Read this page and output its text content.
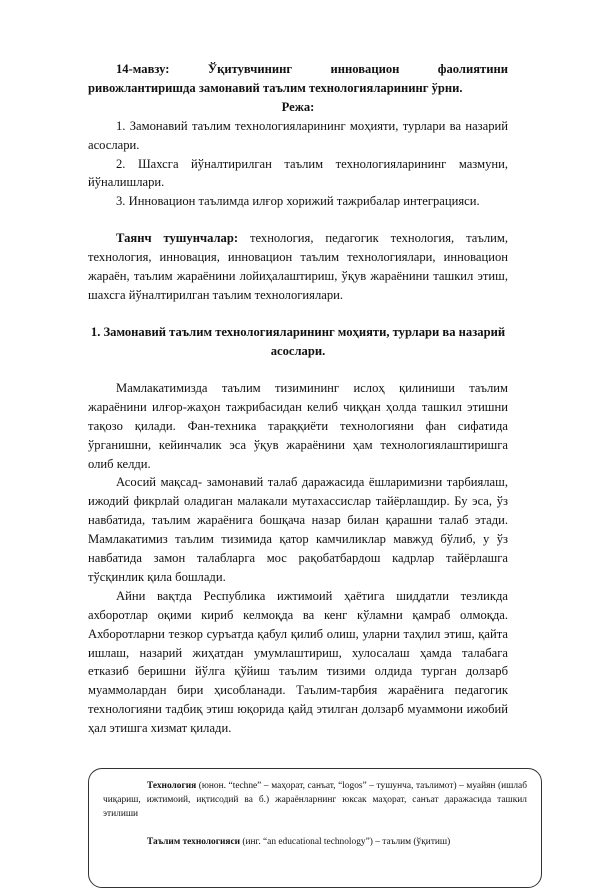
14-мавзу:	Ўқитувчининг	инновацион	фаолиятини

ривожлантиришда замонавий таълим технологияларининг ўрни.

Режа:

1. Замонавий таълим технологияларининг моҳияти, турлари ва назарий

асослари.

2. Шахсга йўналтирилган таълим технологияларининг мазмуни,

йўналишлари.

3. Инновацион таълимда илғор хорижий тажрибалар интеграцияси.

Таянч тушунчалар: технология, педагогик технология, таълим, технология, инновация, инновацион таълим технологиялари, инновацион жараён, таълим жараёнини лойиҳалаштириш, ўқув жараёнини ташкил этиш, шахсга йўналтирилган таълим технологиялари.

1. Замонавий таълим технологияларининг моҳияти, турлари ва назарий
асослари.

Мамлакатимизда таълим тизимининг ислоҳ қилиниши таълим жараёнини илғор-жаҳон тажрибасидан келиб чиққан ҳолда ташкил этишни тақозо қилади. Фан-техника тараққиёти технологияни фан сифатида ўрганишни, кейинчалик эса ўқув жараёнини ҳам технологиялаштиришга олиб келди.

Асосий мақсад- замонавий талаб даражасида ёшларимизни тарбиялаш, ижодий фикрлай оладиган малакали мутахассислар тайёрлашдир. Бу эса, ўз навбатида, таълим жараёнига бошқача назар билан қарашни талаб этади. Мамлакатимиз таълим тизимида қатор камчиликлар мавжуд бўлиб, у ўз навбатида замон талабларга мос рақобатбардош кадрлар тайёрлашга тўсқинлик қила бошлади.

Айни вақтда Республика ижтимоий ҳаётига шиддатли тезликда ахборотлар оқими кириб келмоқда ва кенг кўламни қамраб олмоқда. Ахборотларни тезкор суръатда қабул қилиб олиш, уларни таҳлил этиш, қайта ишлаш, назарий жиҳатдан умумлаштириш, хулосалаш ҳамда талабага етказиб беришни йўлга қўйиш таълим тизими олдида турган долзарб муаммолардан бири ҳисобланади. Таълим-тарбия жараёнига педагогик технологияни тадбиқ этиш юқорида қайд этилган долзарб муаммони ижобий ҳал этишга хизмат қилади.

Технология (юнон. “techne” – маҳорат, санъат, “logos” – тушунча, таълимот) – муайян (ишлаб чиқариш, ижтимоий, иқтисодий ва б.) жараёнларнинг юксак маҳорат, санъат даражасида ташкил этилиши

Таълим технологияси (инг. “an educational technology”) – таълим (ўқитиш)
